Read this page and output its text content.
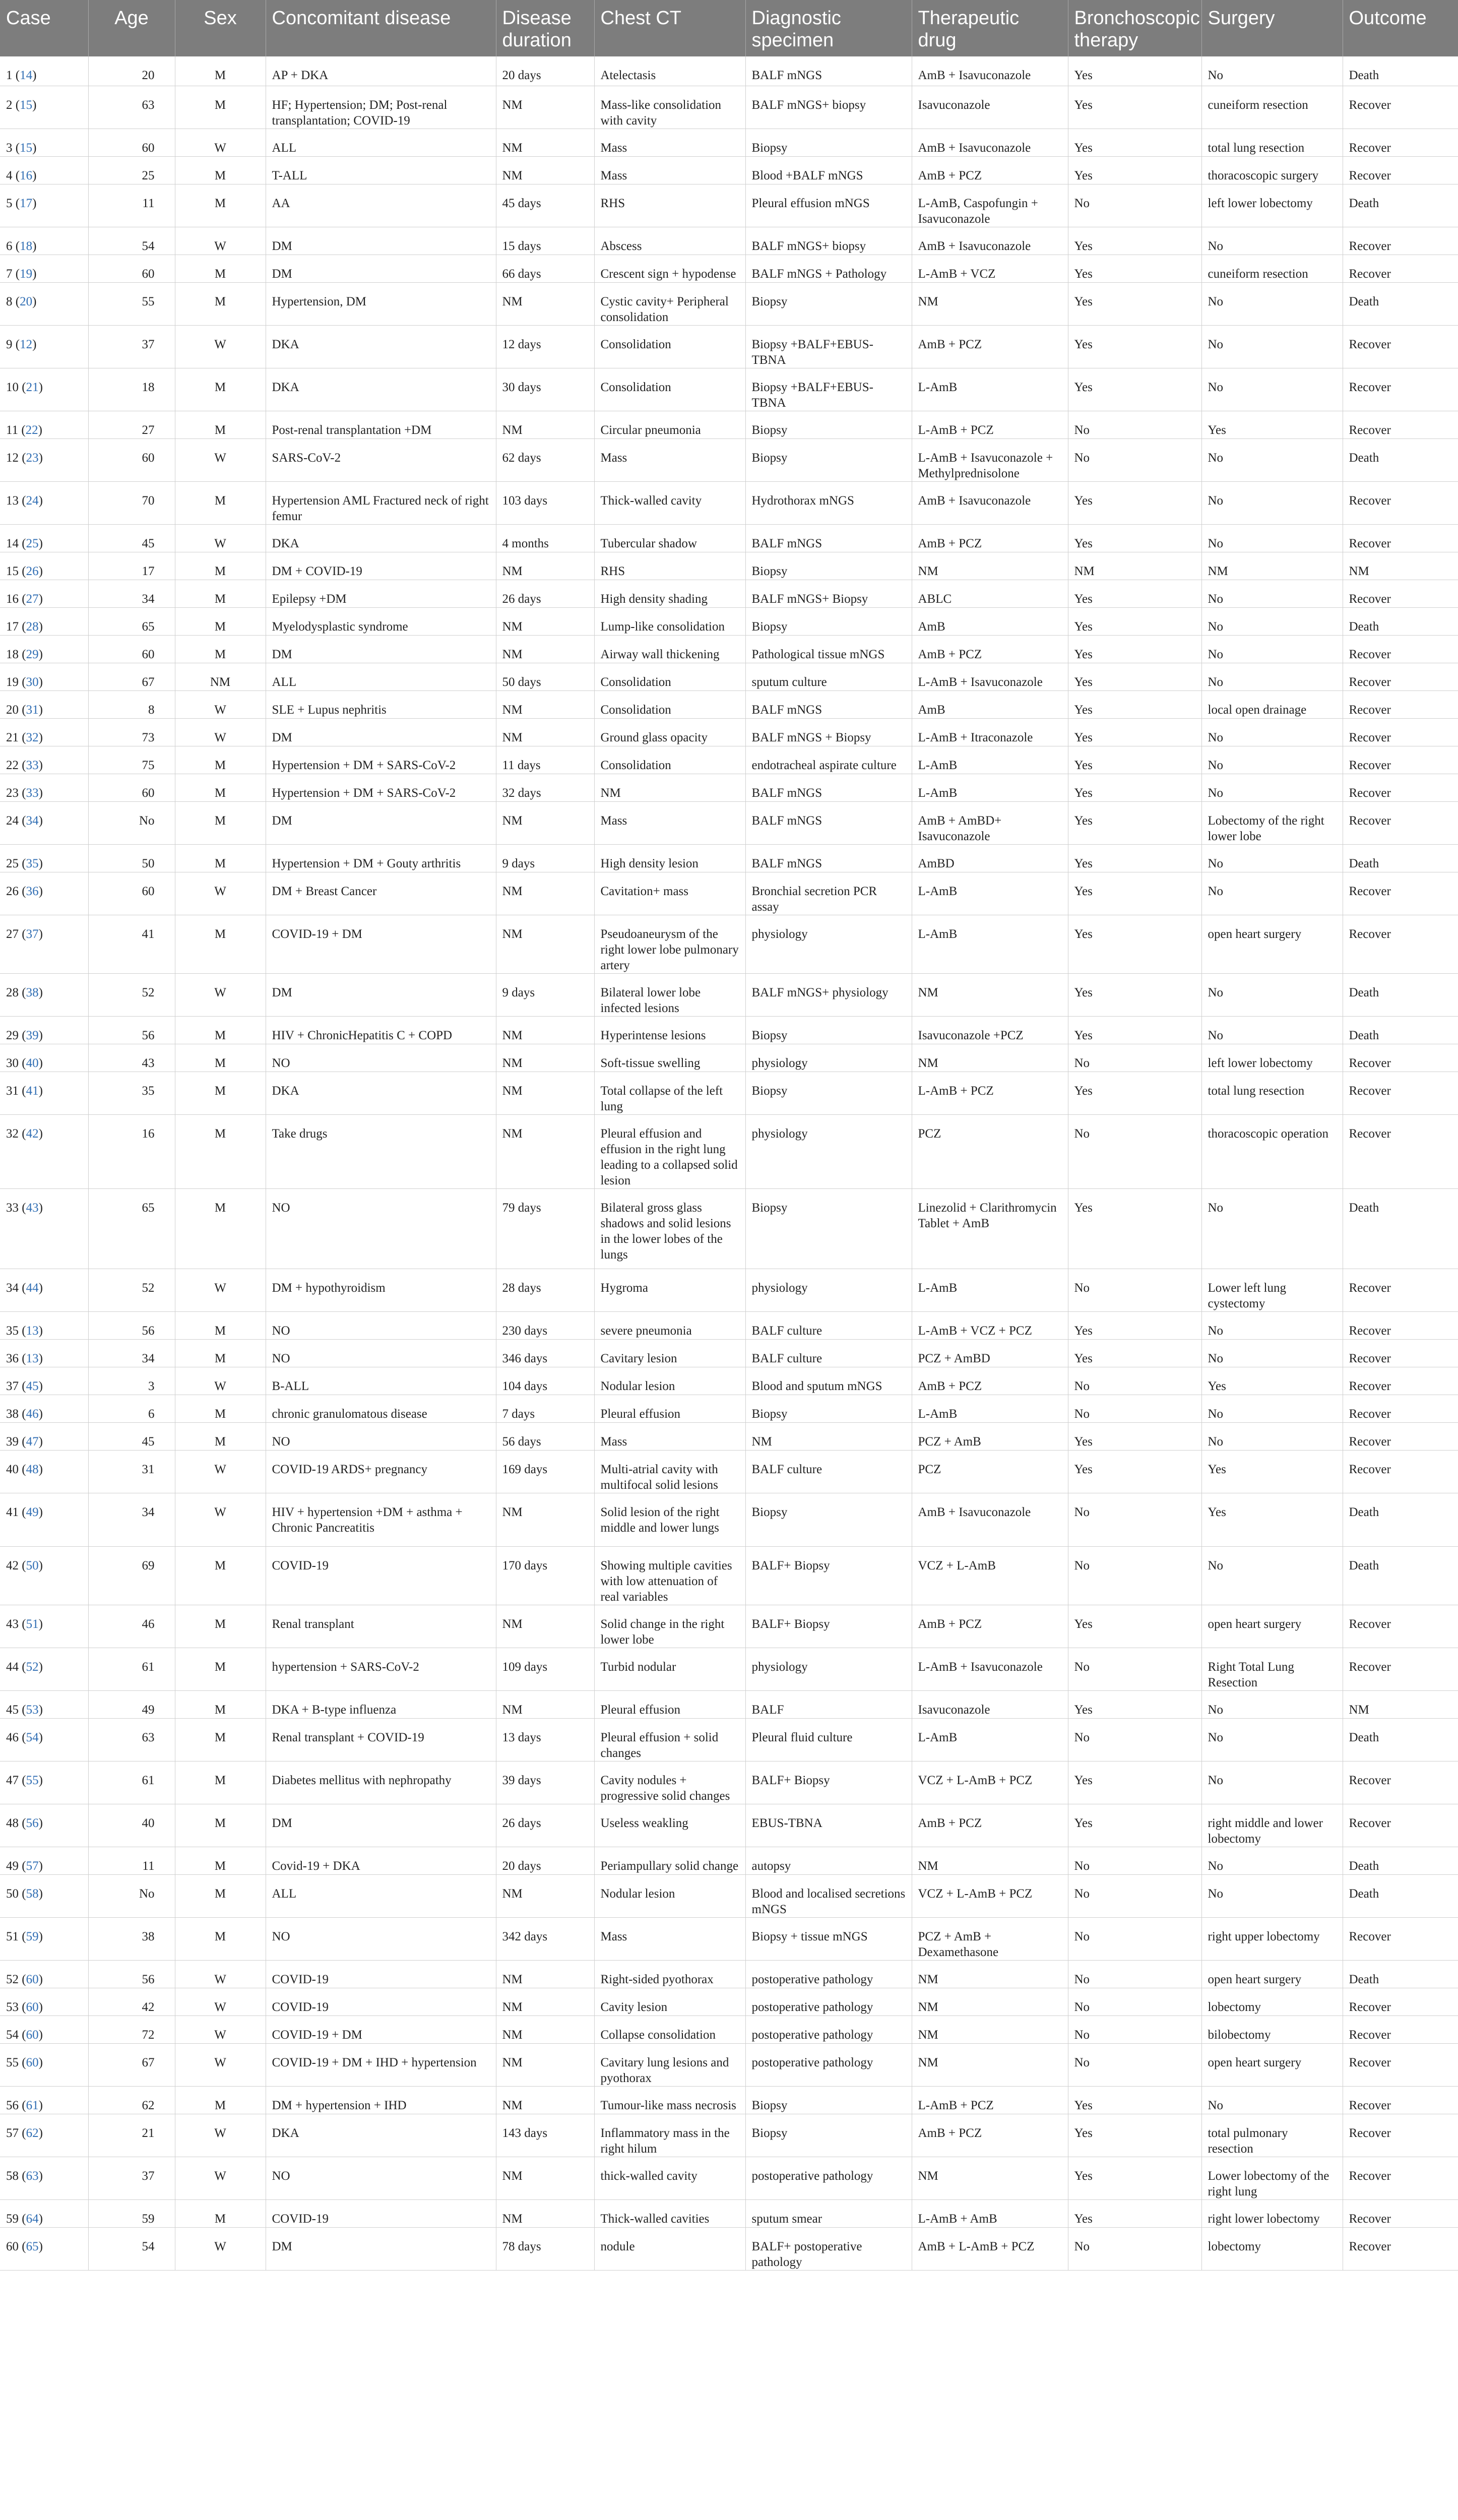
Case	Age	Sex	Concomitant disease	Disease duration	Chest CT	Diagnostic specimen	Therapeutic drug	Bronchoscopic therapy	Surgery	Outcome
1 (14)	20	M	AP + DKA	20 days	Atelectasis	BALF mNGS	AmB + Isavuconazole	Yes	No	Death
2 (15)	63	M	HF; Hypertension; DM; Post-renal transplantation; COVID-19	NM	Mass-like consolidation with cavity	BALF mNGS+ biopsy	Isavuconazole	Yes	cuneiform resection	Recover
3 (15)	60	W	ALL	NM	Mass	Biopsy	AmB + Isavuconazole	Yes	total lung resection	Recover
4 (16)	25	M	T-ALL	NM	Mass	Blood +BALF mNGS	AmB + PCZ	Yes	thoracoscopic surgery	Recover
5 (17)	11	M	AA	45 days	RHS	Pleural effusion mNGS	L-AmB, Caspofungin + Isavuconazole	No	left lower lobectomy	Death
6 (18)	54	W	DM	15 days	Abscess	BALF mNGS+ biopsy	AmB + Isavuconazole	Yes	No	Recover
7 (19)	60	M	DM	66 days	Crescent sign + hypodense	BALF mNGS + Pathology	L-AmB + VCZ	Yes	cuneiform resection	Recover
8 (20)	55	M	Hypertension, DM	NM	Cystic cavity+ Peripheral consolidation	Biopsy	NM	Yes	No	Death
9 (12)	37	W	DKA	12 days	Consolidation	Biopsy +BALF+EBUS-TBNA	AmB + PCZ	Yes	No	Recover
10 (21)	18	M	DKA	30 days	Consolidation	Biopsy +BALF+EBUS-TBNA	L-AmB	Yes	No	Recover
11 (22)	27	M	Post-renal transplantation +DM	NM	Circular pneumonia	Biopsy	L-AmB + PCZ	No	Yes	Recover
12 (23)	60	W	SARS-CoV-2	62 days	Mass	Biopsy	L-AmB + Isavuconazole + Methylprednisolone	No	No	Death
13 (24)	70	M	Hypertension AML Fractured neck of right femur	103 days	Thick-walled cavity	Hydrothorax mNGS	AmB + Isavuconazole	Yes	No	Recover
14 (25)	45	W	DKA	4 months	Tubercular shadow	BALF mNGS	AmB + PCZ	Yes	No	Recover
15 (26)	17	M	DM + COVID-19	NM	RHS	Biopsy	NM	NM	NM	NM
16 (27)	34	M	Epilepsy +DM	26 days	High density shading	BALF mNGS+ Biopsy	ABLC	Yes	No	Recover
17 (28)	65	M	Myelodysplastic syndrome	NM	Lump-like consolidation	Biopsy	AmB	Yes	No	Death
18 (29)	60	M	DM	NM	Airway wall thickening	Pathological tissue mNGS	AmB + PCZ	Yes	No	Recover
19 (30)	67	NM	ALL	50 days	Consolidation	sputum culture	L-AmB + Isavuconazole	Yes	No	Recover
20 (31)	8	W	SLE + Lupus nephritis	NM	Consolidation	BALF mNGS	AmB	Yes	local open drainage	Recover
21 (32)	73	W	DM	NM	Ground glass opacity	BALF mNGS + Biopsy	L-AmB + Itraconazole	Yes	No	Recover
22 (33)	75	M	Hypertension + DM + SARS-CoV-2	11 days	Consolidation	endotracheal aspirate culture	L-AmB	Yes	No	Recover
23 (33)	60	M	Hypertension + DM + SARS-CoV-2	32 days	NM	BALF mNGS	L-AmB	Yes	No	Recover
24 (34)	No	M	DM	NM	Mass	BALF mNGS	AmB + AmBD+ Isavuconazole	Yes	Lobectomy of the right lower lobe	Recover
25 (35)	50	M	Hypertension + DM + Gouty arthritis	9 days	High density lesion	BALF mNGS	AmBD	Yes	No	Death
26 (36)	60	W	DM + Breast Cancer	NM	Cavitation+ mass	Bronchial secretion PCR assay	L-AmB	Yes	No	Recover
27 (37)	41	M	COVID-19 + DM	NM	Pseudoaneurysm of the right lower lobe pulmonary artery	physiology	L-AmB	Yes	open heart surgery	Recover
28 (38)	52	W	DM	9 days	Bilateral lower lobe infected lesions	BALF mNGS+ physiology	NM	Yes	No	Death
29 (39)	56	M	HIV + ChronicHepatitis C + COPD	NM	Hyperintense lesions	Biopsy	Isavuconazole +PCZ	Yes	No	Death
30 (40)	43	M	NO	NM	Soft-tissue swelling	physiology	NM	No	left lower lobectomy	Recover
31 (41)	35	M	DKA	NM	Total collapse of the left lung	Biopsy	L-AmB + PCZ	Yes	total lung resection	Recover
32 (42)	16	M	Take drugs	NM	Pleural effusion and effusion in the right lung leading to a collapsed solid lesion	physiology	PCZ	No	thoracoscopic operation	Recover
33 (43)	65	M	NO	79 days	Bilateral gross glass shadows and solid lesions in the lower lobes of the lungs	Biopsy	Linezolid + Clarithromycin Tablet + AmB	Yes	No	Death
34 (44)	52	W	DM + hypothyroidism	28 days	Hygroma	physiology	L-AmB	No	Lower left lung cystectomy	Recover
35 (13)	56	M	NO	230 days	severe pneumonia	BALF culture	L-AmB + VCZ + PCZ	Yes	No	Recover
36 (13)	34	M	NO	346 days	Cavitary lesion	BALF culture	PCZ + AmBD	Yes	No	Recover
37 (45)	3	W	B-ALL	104 days	Nodular lesion	Blood and sputum mNGS	AmB + PCZ	No	Yes	Recover
38 (46)	6	M	chronic granulomatous disease	7 days	Pleural effusion	Biopsy	L-AmB	No	No	Recover
39 (47)	45	M	NO	56 days	Mass	NM	PCZ + AmB	Yes	No	Recover
40 (48)	31	W	COVID-19 ARDS+ pregnancy	169 days	Multi-atrial cavity with multifocal solid lesions	BALF culture	PCZ	Yes	Yes	Recover
41 (49)	34	W	HIV + hypertension +DM + asthma + Chronic Pancreatitis	NM	Solid lesion of the right middle and lower lungs	Biopsy	AmB + Isavuconazole	No	Yes	Death
42 (50)	69	M	COVID-19	170 days	Showing multiple cavities with low attenuation of real variables	BALF+ Biopsy	VCZ + L-AmB	No	No	Death
43 (51)	46	M	Renal transplant	NM	Solid change in the right lower lobe	BALF+ Biopsy	AmB + PCZ	Yes	open heart surgery	Recover
44 (52)	61	M	hypertension + SARS-CoV-2	109 days	Turbid nodular	physiology	L-AmB + Isavuconazole	No	Right Total Lung Resection	Recover
45 (53)	49	M	DKA + B-type influenza	NM	Pleural effusion	BALF	Isavuconazole	Yes	No	NM
46 (54)	63	M	Renal transplant + COVID-19	13 days	Pleural effusion + solid changes	Pleural fluid culture	L-AmB	No	No	Death
47 (55)	61	M	Diabetes mellitus with nephropathy	39 days	Cavity nodules + progressive solid changes	BALF+ Biopsy	VCZ + L-AmB + PCZ	Yes	No	Recover
48 (56)	40	M	DM	26 days	Useless weakling	EBUS-TBNA	AmB + PCZ	Yes	right middle and lower lobectomy	Recover
49 (57)	11	M	Covid-19 + DKA	20 days	Periampullary solid change	autopsy	NM	No	No	Death
50 (58)	No	M	ALL	NM	Nodular lesion	Blood and localised secretions mNGS	VCZ + L-AmB + PCZ	No	No	Death
51 (59)	38	M	NO	342 days	Mass	Biopsy + tissue mNGS	PCZ + AmB + Dexamethasone	No	right upper lobectomy	Recover
52 (60)	56	W	COVID-19	NM	Right-sided pyothorax	postoperative pathology	NM	No	open heart surgery	Death
53 (60)	42	W	COVID-19	NM	Cavity lesion	postoperative pathology	NM	No	lobectomy	Recover
54 (60)	72	W	COVID-19 + DM	NM	Collapse consolidation	postoperative pathology	NM	No	bilobectomy	Recover
55 (60)	67	W	COVID-19 + DM + IHD + hypertension	NM	Cavitary lung lesions and pyothorax	postoperative pathology	NM	No	open heart surgery	Recover
56 (61)	62	M	DM + hypertension + IHD	NM	Tumour-like mass necrosis	Biopsy	L-AmB + PCZ	Yes	No	Recover
57 (62)	21	W	DKA	143 days	Inflammatory mass in the right hilum	Biopsy	AmB + PCZ	Yes	total pulmonary resection	Recover
58 (63)	37	W	NO	NM	thick-walled cavity	postoperative pathology	NM	Yes	Lower lobectomy of the right lung	Recover
59 (64)	59	M	COVID-19	NM	Thick-walled cavities	sputum smear	L-AmB + AmB	Yes	right lower lobectomy	Recover
60 (65)	54	W	DM	78 days	nodule	BALF+ postoperative pathology	AmB + L-AmB + PCZ	No	lobectomy	Recover
